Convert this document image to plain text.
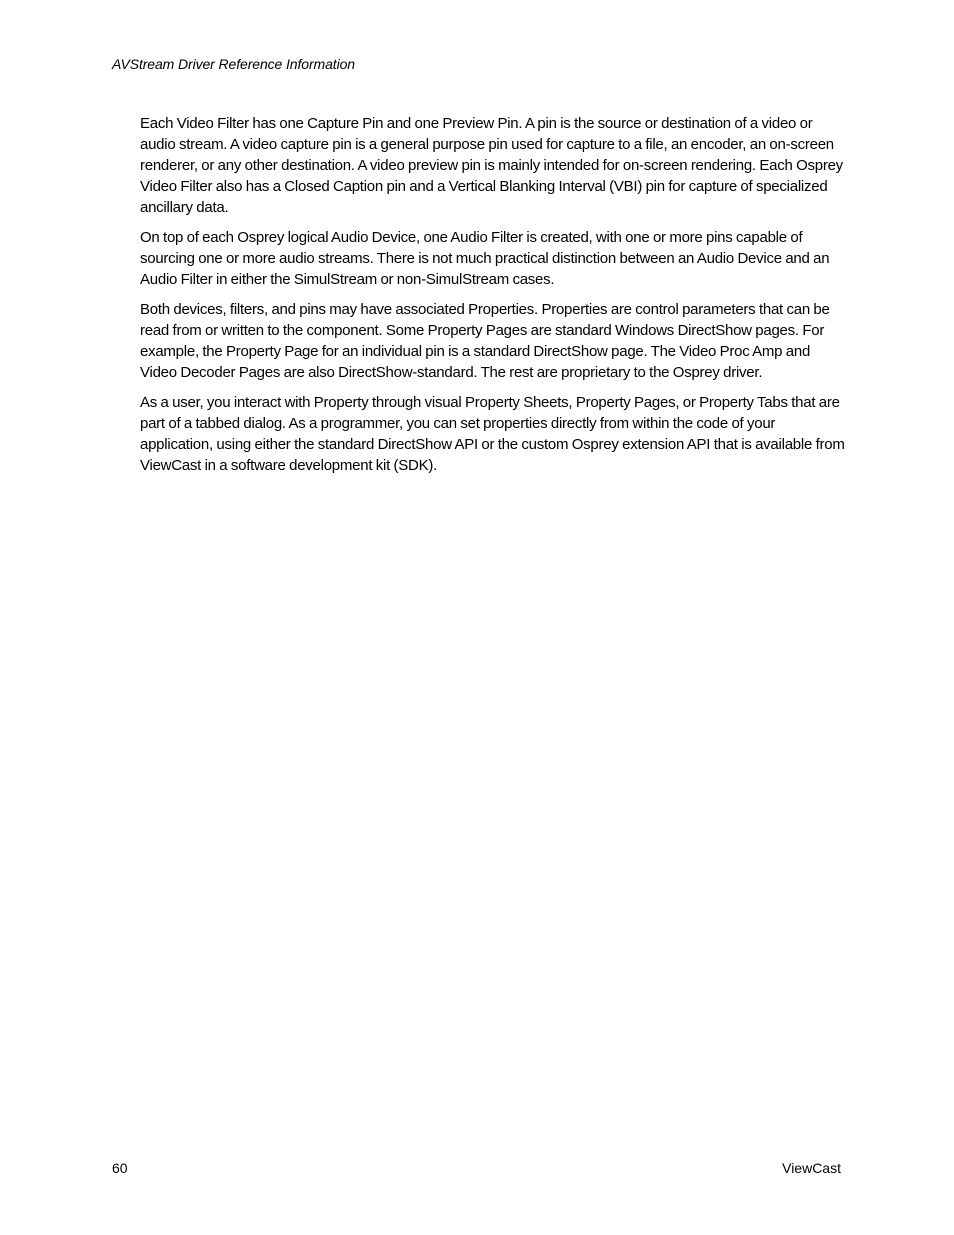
AVStream Driver Reference Information

Each Video Filter has one Capture Pin and one Preview Pin. A pin is the source or destination of a video or audio stream. A video capture pin is a general purpose pin used for capture to a file, an encoder, an on-screen renderer, or any other destination. A video preview pin is mainly intended for on-screen rendering. Each Osprey Video Filter also has a Closed Caption pin and a Vertical Blanking Interval (VBI) pin for capture of specialized ancillary data.

On top of each Osprey logical Audio Device, one Audio Filter is created, with one or more pins capable of sourcing one or more audio streams. There is not much practical distinction between an Audio Device and an Audio Filter in either the SimulStream or non-SimulStream cases.

Both devices, filters, and pins may have associated Properties. Properties are control parameters that can be read from or written to the component. Some Property Pages are standard Windows DirectShow pages. For example, the Property Page for an individual pin is a standard DirectShow page. The Video Proc Amp and Video Decoder Pages are also DirectShow-standard. The rest are proprietary to the Osprey driver.

As a user, you interact with Property through visual Property Sheets, Property Pages, or Property Tabs that are part of a tabbed dialog. As a programmer, you can set properties directly from within the code of your application, using either the standard DirectShow API or the custom Osprey extension API that is available from ViewCast in a software development kit (SDK).

60	ViewCast
